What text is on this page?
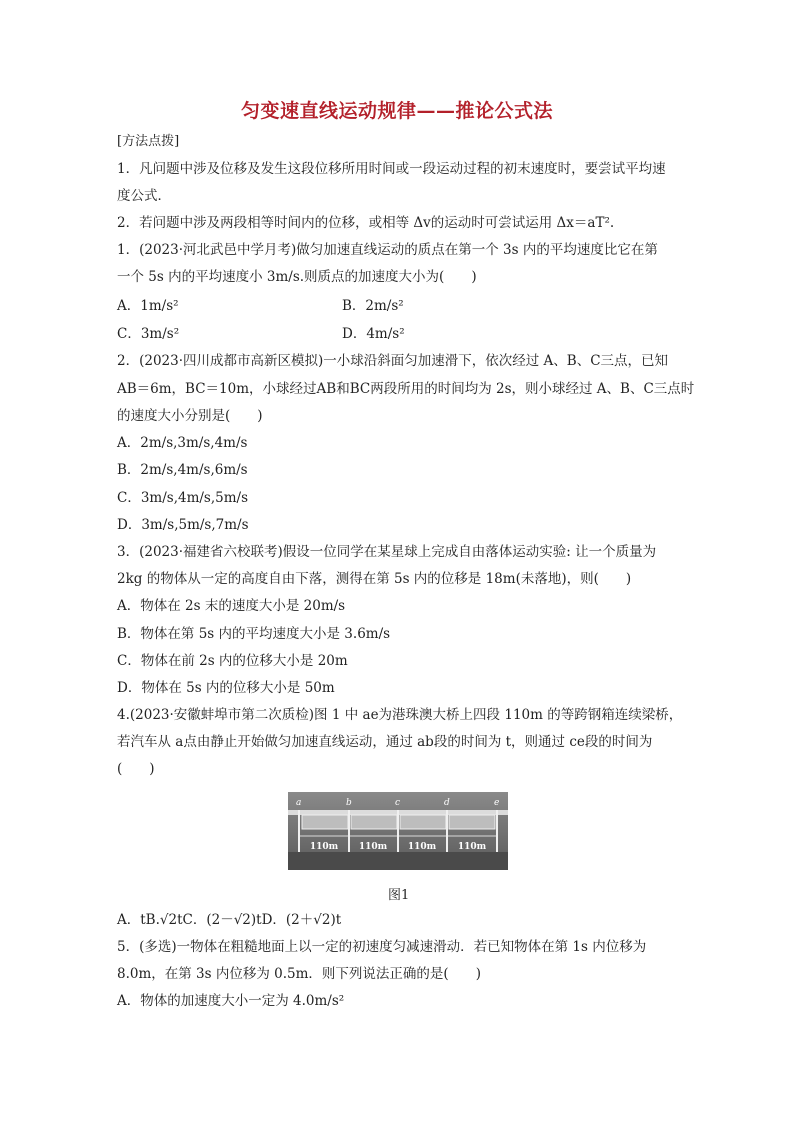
匀变速直线运动规律——推论公式法
[方法点拨]
1．凡问题中涉及位移及发生这段位移所用时间或一段运动过程的初末速度时，要尝试平均速
度公式．
2．若问题中涉及两段相等时间内的位移，或相等 Δv的运动时可尝试运用 Δx＝aT².
1．(2023·河北武邑中学月考)做匀加速直线运动的质点在第一个 3s 内的平均速度比它在第
一个 5s 内的平均速度小 3m/s.则质点的加速度大小为(　　)
A．1m/s²	B．2m/s²
C．3m/s²	D．4m/s²
2．(2023·四川成都市高新区模拟)一小球沿斜面匀加速滑下，依次经过 A、B、C三点，已知
AB＝6m，BC＝10m，小球经过AB和BC两段所用的时间均为 2s，则小球经过 A、B、C三点时
的速度大小分别是(　　)
A．2m/s,3m/s,4m/s
B．2m/s,4m/s,6m/s
C．3m/s,4m/s,5m/s
D．3m/s,5m/s,7m/s
3．(2023·福建省六校联考)假设一位同学在某星球上完成自由落体运动实验: 让一个质量为
2kg 的物体从一定的高度自由下落，测得在第 5s 内的位移是 18m(未落地)，则(　　)
A．物体在 2s 末的速度大小是 20m/s
B．物体在第 5s 内的平均速度大小是 3.6m/s
C．物体在前 2s 内的位移大小是 20m
D．物体在 5s 内的位移大小是 50m
4.(2023·安徽蚌埠市第二次质检)图 1 中 ae为港珠澳大桥上四段 110m 的等跨钢箱连续梁桥，
若汽车从 a点由静止开始做匀加速直线运动，通过 ab段的时间为 t，则通过 ce段的时间为
(　　)
a	b	c	d	e
110m 110m 110m 110m
图1
A．tB.√2tC．(2－√2)tD．(2＋√2)t
5．(多选)一物体在粗糙地面上以一定的初速度匀减速滑动．若已知物体在第 1s 内位移为
8.0m，在第 3s 内位移为 0.5m．则下列说法正确的是(　　)
A．物体的加速度大小一定为 4.0m/s²
